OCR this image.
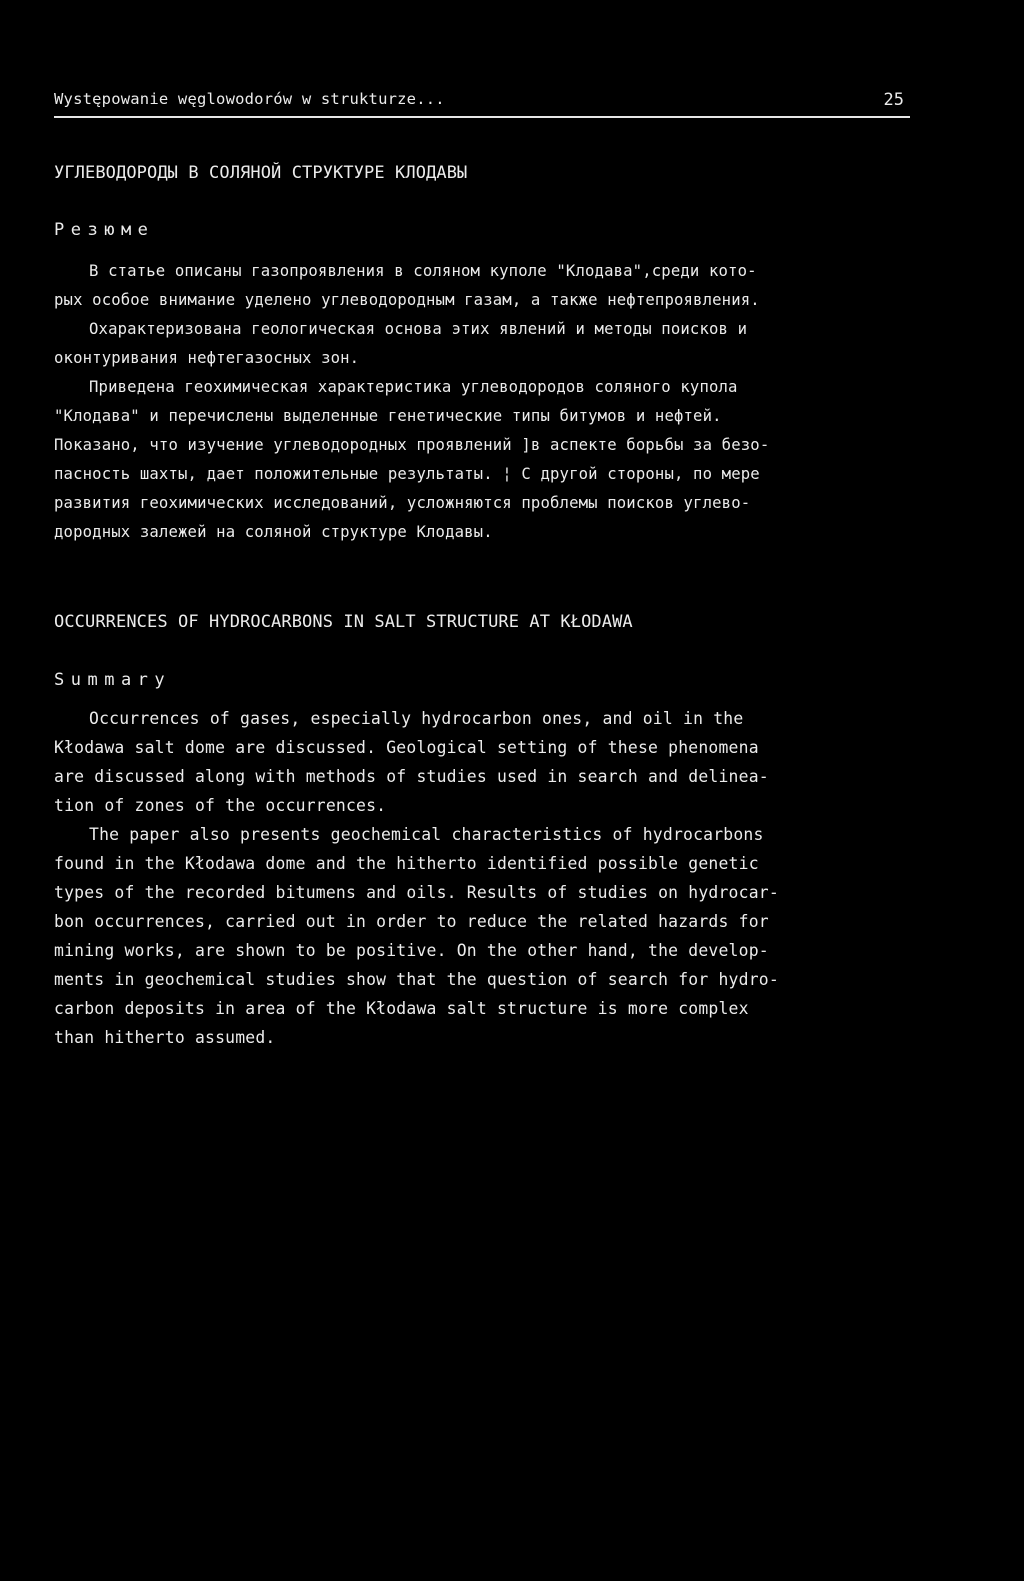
Występowanie węglowodorów w strukturze...	25
УГЛЕВОДОРОДЫ В СОЛЯНОЙ СТРУКТУРЕ КЛОДАВЫ
Резюме
В статье описаны газопроявления в соляном куполе "Клодава",среди кото-
рых особое внимание уделено углеводородным газам, а также нефтепроявления.
Охарактеризована геологическая основа этих явлений и методы поисков и
оконтуривания нефтегазосных зон.
Приведена геохимическая характеристика углеводородов соляного купола
"Клодава" и перечислены выделенные генетические типы битумов и нефтей.
Показано, что изучение углеводородных проявлений ]в аспекте борьбы за безо-
пасность шахты, дает положительные результаты. ¦ С другой стороны, по мере
развития геохимических исследований, усложняются проблемы поисков углево-
дородных залежей на соляной структуре Клодавы.
OCCURRENCES OF HYDROCARBONS IN SALT STRUCTURE AT KŁODAWA
Summary
Occurrences of gases, especially hydrocarbon ones, and oil in the
Kłodawa salt dome are discussed. Geological setting of these phenomena
are discussed along with methods of studies used in search and delinea-
tion of zones of the occurrences.
The paper also presents geochemical characteristics of hydrocarbons
found in the Kłodawa dome and the hitherto identified possible genetic
types of the recorded bitumens and oils. Results of studies on hydrocar-
bon occurrences, carried out in order to reduce the related hazards for
mining works, are shown to be positive. On the other hand, the develop-
ments in geochemical studies show that the question of search for hydro-
carbon deposits in area of the Kłodawa salt structure is more complex
than hitherto assumed.
